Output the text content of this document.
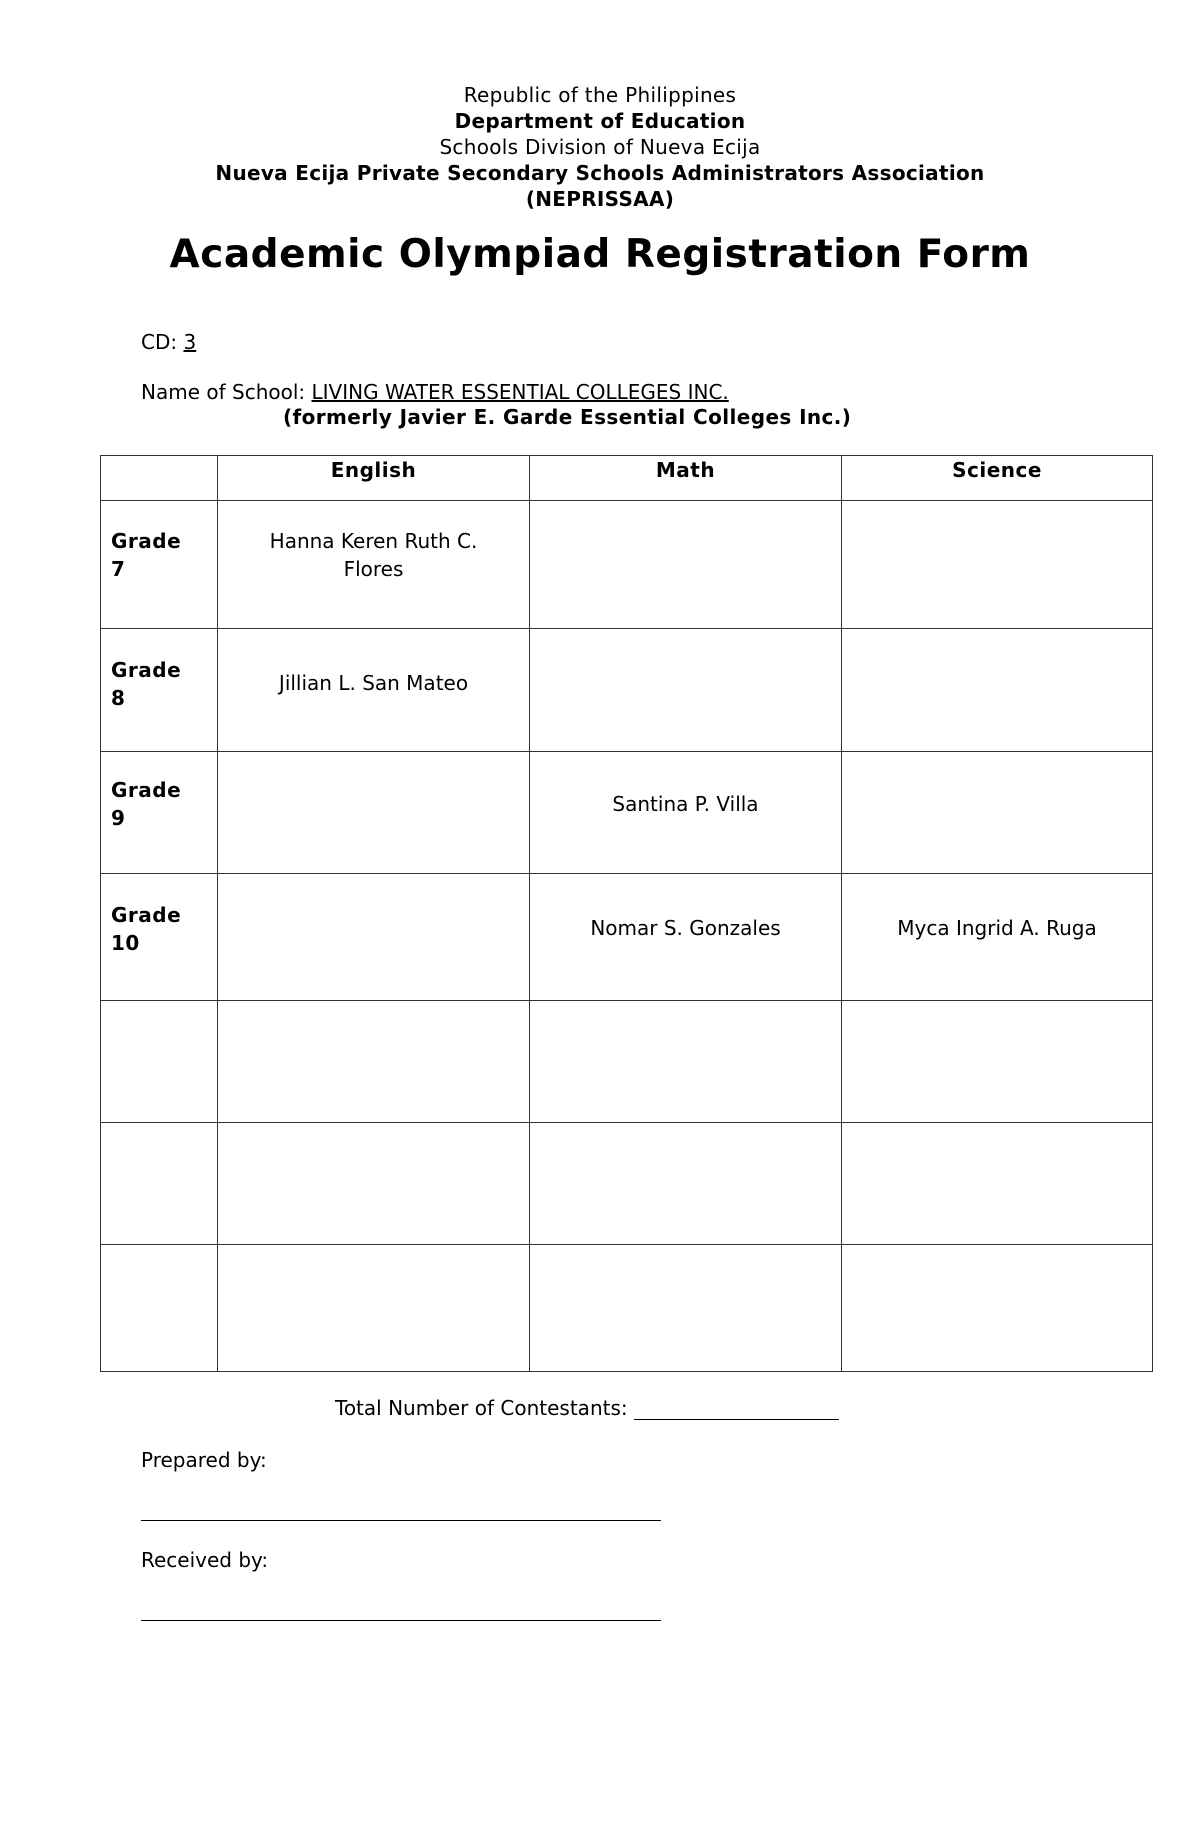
Republic of the Philippines
Department of Education
Schools Division of Nueva Ecija
Nueva Ecija Private Secondary Schools Administrators Association
(NEPRISSAA)
Academic Olympiad Registration Form
CD: 3
Name of School: LIVING WATER ESSENTIAL COLLEGES INC.
(formerly Javier E. Garde Essential Colleges Inc.)
	English	Math	Science
Grade 7	Hanna Keren Ruth C. Flores		
Grade 8	Jillian L. San Mateo		
Grade 9		Santina P. Villa	
Grade 10		Nomar S. Gonzales	Myca Ingrid A. Ruga

Total Number of Contestants:
Prepared by:
Received by:
